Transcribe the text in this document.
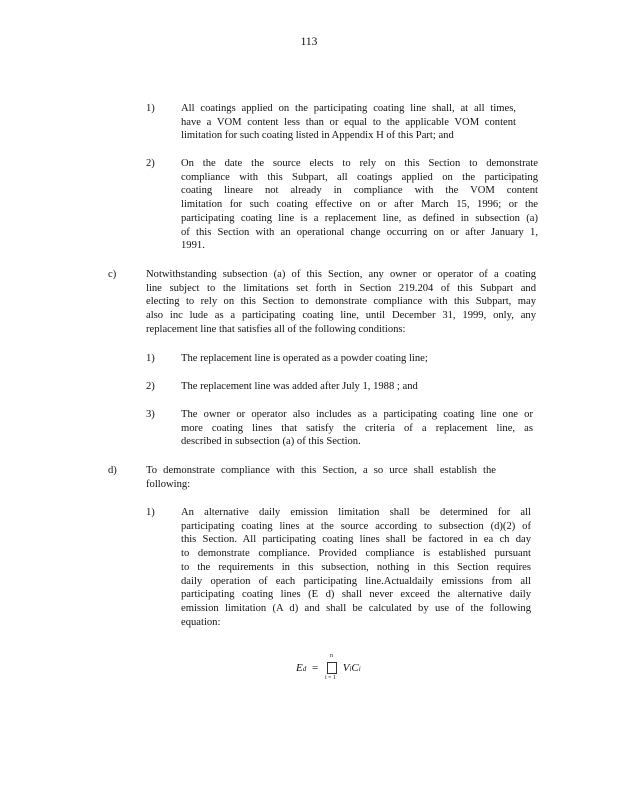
113
1) All coatings applied on the participating coating line shall, at all times,
have a VOM content less than or equal to the applicable VOM content
limitation for such coating listed in Appendix H of this Part; and
2) On the date the source elects to rely on this Section to demonstrate
compliance with this Subpart, all coatings applied on the participating
coating lineare not already in compliance with the VOM content
limitation for such coating effective on or after March 15, 1996; or the
participating coating line is a replacement line, as defined in subsection (a)
of this Section with an operational change occurring on or after January 1,
1991.
c)	Notwithstanding subsection (a) of this Section, any owner or operator of a coating
line subject to the limitations set forth in Section 219.204 of this Subpart and
electing to rely on this Section to demonstrate compliance with this Subpart, may
also inc lude as a participating coating line, until December 31, 1999, only, any
replacement line that satisfies all of the following conditions:
1) The replacement line is operated as a powder coating line;
2) The replacement line was added after July 1, 1988 ; and
3) The owner or operator also includes as a participating coating line one or
more coating lines that satisfy the criteria of a replacement line, as
described in subsection (a) of this Section.
d)	To demonstrate compliance with this Section, a so urce shall establish the
following:
1) An alternative daily emission limitation shall be determined for all
participating coating lines at the source according to subsection (d)(2) of
this Section. All participating coating lines shall be factored in ea ch day
to demonstrate compliance. Provided compliance is established pursuant
to the requirements in this subsection, nothing in this Section requires
daily operation of each participating line.Actualdaily emissions from all
participating coating lines (E d) shall never exceed the alternative daily
emission limitation (A d) and shall be calculated by use of the following
equation:
Ed =
n
i = 1
ViCi
